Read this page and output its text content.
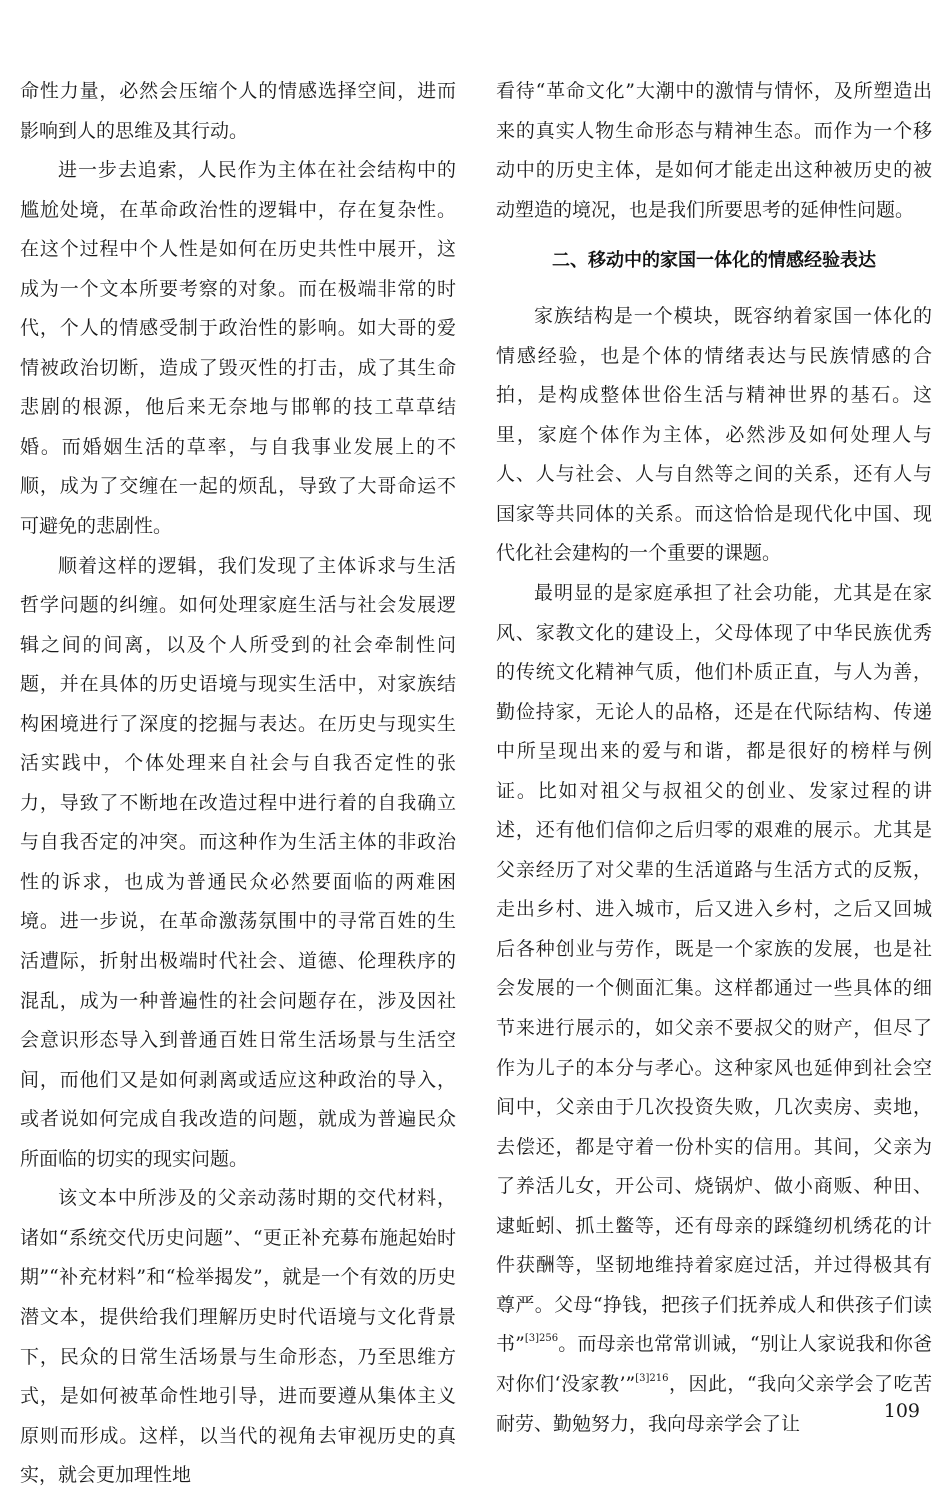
命性力量，必然会压缩个人的情感选择空间，进而影响到人的思维及其行动。

进一步去追索，人民作为主体在社会结构中的尴尬处境，在革命政治性的逻辑中，存在复杂性。在这个过程中个人性是如何在历史共性中展开，这成为一个文本所要考察的对象。而在极端非常的时代，个人的情感受制于政治性的影响。如大哥的爱情被政治切断，造成了毁灭性的打击，成了其生命悲剧的根源，他后来无奈地与邯郸的技工草草结婚。而婚姻生活的草率，与自我事业发展上的不顺，成为了交缠在一起的烦乱，导致了大哥命运不可避免的悲剧性。

顺着这样的逻辑，我们发现了主体诉求与生活哲学问题的纠缠。如何处理家庭生活与社会发展逻辑之间的间离，以及个人所受到的社会牵制性问题，并在具体的历史语境与现实生活中，对家族结构困境进行了深度的挖掘与表达。在历史与现实生活实践中，个体处理来自社会与自我否定性的张力，导致了不断地在改造过程中进行着的自我确立与自我否定的冲突。而这种作为生活主体的非政治性的诉求，也成为普通民众必然要面临的两难困境。进一步说，在革命激荡氛围中的寻常百姓的生活遭际，折射出极端时代社会、道德、伦理秩序的混乱，成为一种普遍性的社会问题存在，涉及因社会意识形态导入到普通百姓日常生活场景与生活空间，而他们又是如何剥离或适应这种政治的导入，或者说如何完成自我改造的问题，就成为普遍民众所面临的切实的现实问题。

该文本中所涉及的父亲动荡时期的交代材料，诸如“系统交代历史问题”、“更正补充募布施起始时期”“补充材料”和“检举揭发”，就是一个有效的历史潜文本，提供给我们理解历史时代语境与文化背景下，民众的日常生活场景与生命形态，乃至思维方式，是如何被革命性地引导，进而要遵从集体主义原则而形成。这样，以当代的视角去审视历史的真实，就会更加理性地

看待“革命文化”大潮中的激情与情怀，及所塑造出来的真实人物生命形态与精神生态。而作为一个移动中的历史主体，是如何才能走出这种被历史的被动塑造的境况，也是我们所要思考的延伸性问题。

二、移动中的家国一体化的情感经验表达

家族结构是一个模块，既容纳着家国一体化的情感经验，也是个体的情绪表达与民族情感的合拍，是构成整体世俗生活与精神世界的基石。这里，家庭个体作为主体，必然涉及如何处理人与人、人与社会、人与自然等之间的关系，还有人与国家等共同体的关系。而这恰恰是现代化中国、现代化社会建构的一个重要的课题。

最明显的是家庭承担了社会功能，尤其是在家风、家教文化的建设上，父母体现了中华民族优秀的传统文化精神气质，他们朴质正直，与人为善，勤俭持家，无论人的品格，还是在代际结构、传递中所呈现出来的爱与和谐，都是很好的榜样与例证。比如对祖父与叔祖父的创业、发家过程的讲述，还有他们信仰之后归零的艰难的展示。尤其是父亲经历了对父辈的生活道路与生活方式的反叛，走出乡村、进入城市，后又进入乡村，之后又回城后各种创业与劳作，既是一个家族的发展，也是社会发展的一个侧面汇集。这样都通过一些具体的细节来进行展示的，如父亲不要叔父的财产，但尽了作为儿子的本分与孝心。这种家风也延伸到社会空间中，父亲由于几次投资失败，几次卖房、卖地，去偿还，都是守着一份朴实的信用。其间，父亲为了养活儿女，开公司、烧锅炉、做小商贩、种田、逮蚯蚓、抓土鳖等，还有母亲的踩缝纫机绣花的计件获酬等，坚韧地维持着家庭过活，并过得极其有尊严。父母“挣钱，把孩子们抚养成人和供孩子们读书”$^{[3]256}$。而母亲也常常训诫，“别让人家说我和你爸对你们‘没家教’”$^{[3]216}$，因此，“我向父亲学会了吃苦耐劳、勤勉努力，我向母亲学会了让

109
